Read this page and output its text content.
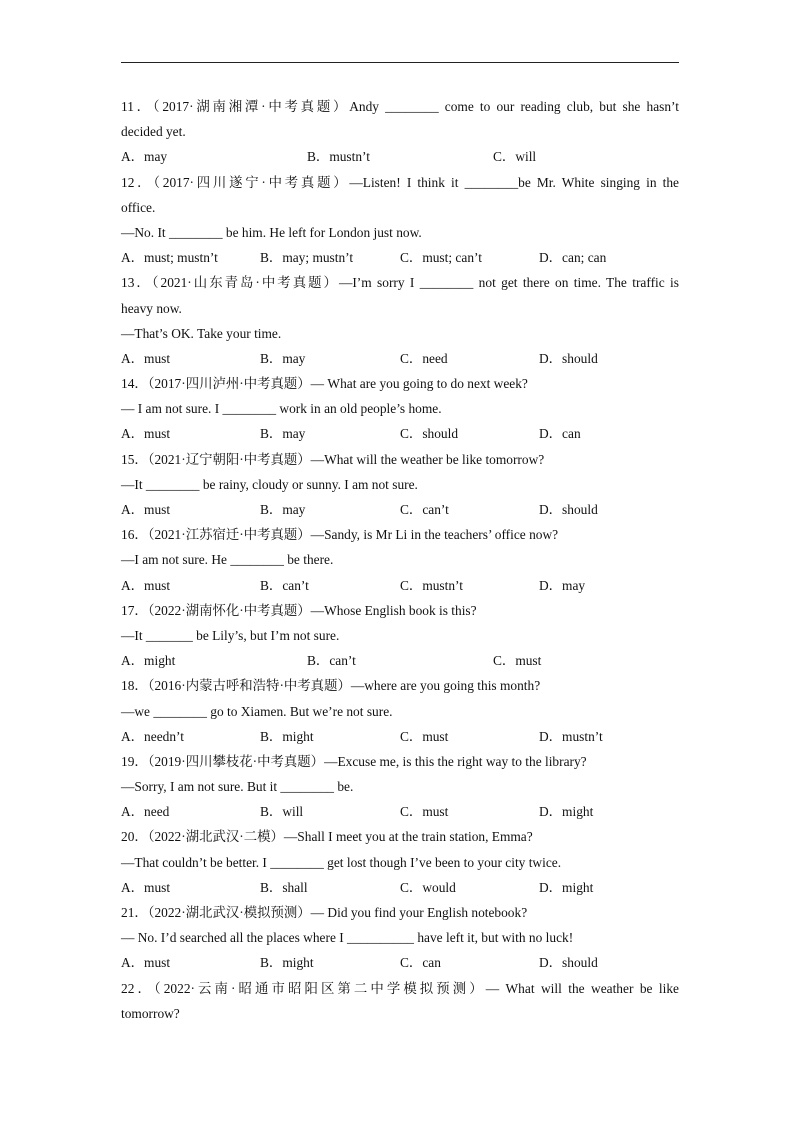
11．（2017·湖南湘潭·中考真题）Andy ________ come to our reading club, but she hasn’t
decided yet.
A．may	B．mustn’t	C．will
12．（2017·四川遂宁·中考真题）—Listen! I think it ________be Mr. White singing in the
office.
—No. It ________ be him. He left for London just now.
A．must; mustn’t	B．may; mustn’t	C．must; can’t	D．can; can
13．（2021·山东青岛·中考真题）—I’m sorry I ________ not get there on time. The traffic is
heavy now.
—That’s OK. Take your time.
A．must	B．may	C．need	D．should
14．（2017·四川泸州·中考真题）— What are you going to do next week?
— I am not sure. I ________ work in an old people’s home.
A．must	B．may	C．should	D．can
15．（2021·辽宁朝阳·中考真题）—What will the weather be like tomorrow?
—It ________ be rainy, cloudy or sunny. I am not sure.
A．must	B．may	C．can’t	D．should
16．（2021·江苏宿迁·中考真题）—Sandy, is Mr Li in the teachers’ office now?
—I am not sure. He ________ be there.
A．must	B．can’t	C．mustn’t	D．may
17．（2022·湖南怀化·中考真题）—Whose English book is this?
—It _______ be Lily’s, but I’m not sure.
A．might	B．can’t	C．must
18．（2016·内蒙古呼和浩特·中考真题）—where are you going this month?
—we ________ go to Xiamen. But we’re not sure.
A．needn’t	B．might	C．must	D．mustn’t
19．（2019·四川攀枝花·中考真题）—Excuse me, is this the right way to the library?
—Sorry, I am not sure. But it ________ be.
A．need	B．will	C．must	D．might
20．（2022·湖北武汉·二模）—Shall I meet you at the train station, Emma?
—That couldn’t be better. I ________ get lost though I’ve been to your city twice.
A．must	B．shall	C．would	D．might
21．（2022·湖北武汉·模拟预测）— Did you find your English notebook?
— No. I’d searched all the places where I __________ have left it, but with no luck!
A．must	B．might	C．can	D．should
22．（2022·云南·昭通市昭阳区第二中学模拟预测）— What will the weather be like
tomorrow?
